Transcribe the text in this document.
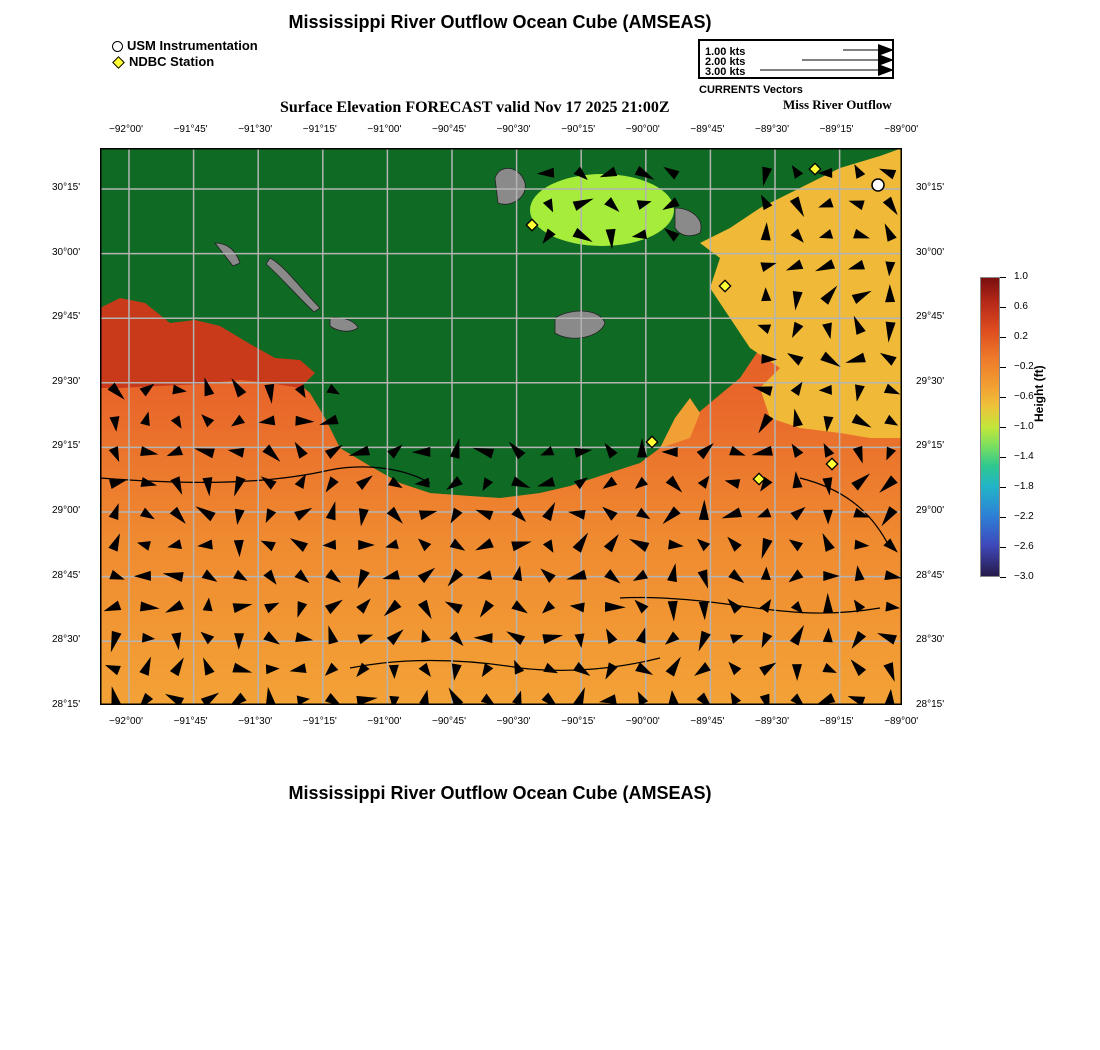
Mississippi River Outflow Ocean Cube (AMSEAS)
USM Instrumentation
NDBC Station
1.00 kts
2.00 kts
3.00 kts
CURRENTS Vectors
Surface Elevation FORECAST valid Nov 17 2025 21:00Z	Miss River Outflow
−92°00'	−91°45'	−91°30'	−91°15'	−91°00'	−90°45'	−90°30'	−90°15'	−90°00'	−89°45'	−89°30'	−89°15'	−89°00'
−92°00'	−91°45'	−91°30'	−91°15'	−91°00'	−90°45'	−90°30'	−90°15'	−90°00'	−89°45'	−89°30'	−89°15'	−89°00'
30°15'
30°00'
29°45'
29°30'
29°15'
29°00'
28°45'
28°30'
28°15'
30°15'
30°00'
29°45'
29°30'
29°15'
29°00'
28°45'
28°30'
28°15'
1.0
0.6
0.2
−0.2
−0.6
−1.0
−1.4
−1.8
−2.2
−2.6
−3.0
Height (ft)
Mississippi River Outflow Ocean Cube (AMSEAS)
